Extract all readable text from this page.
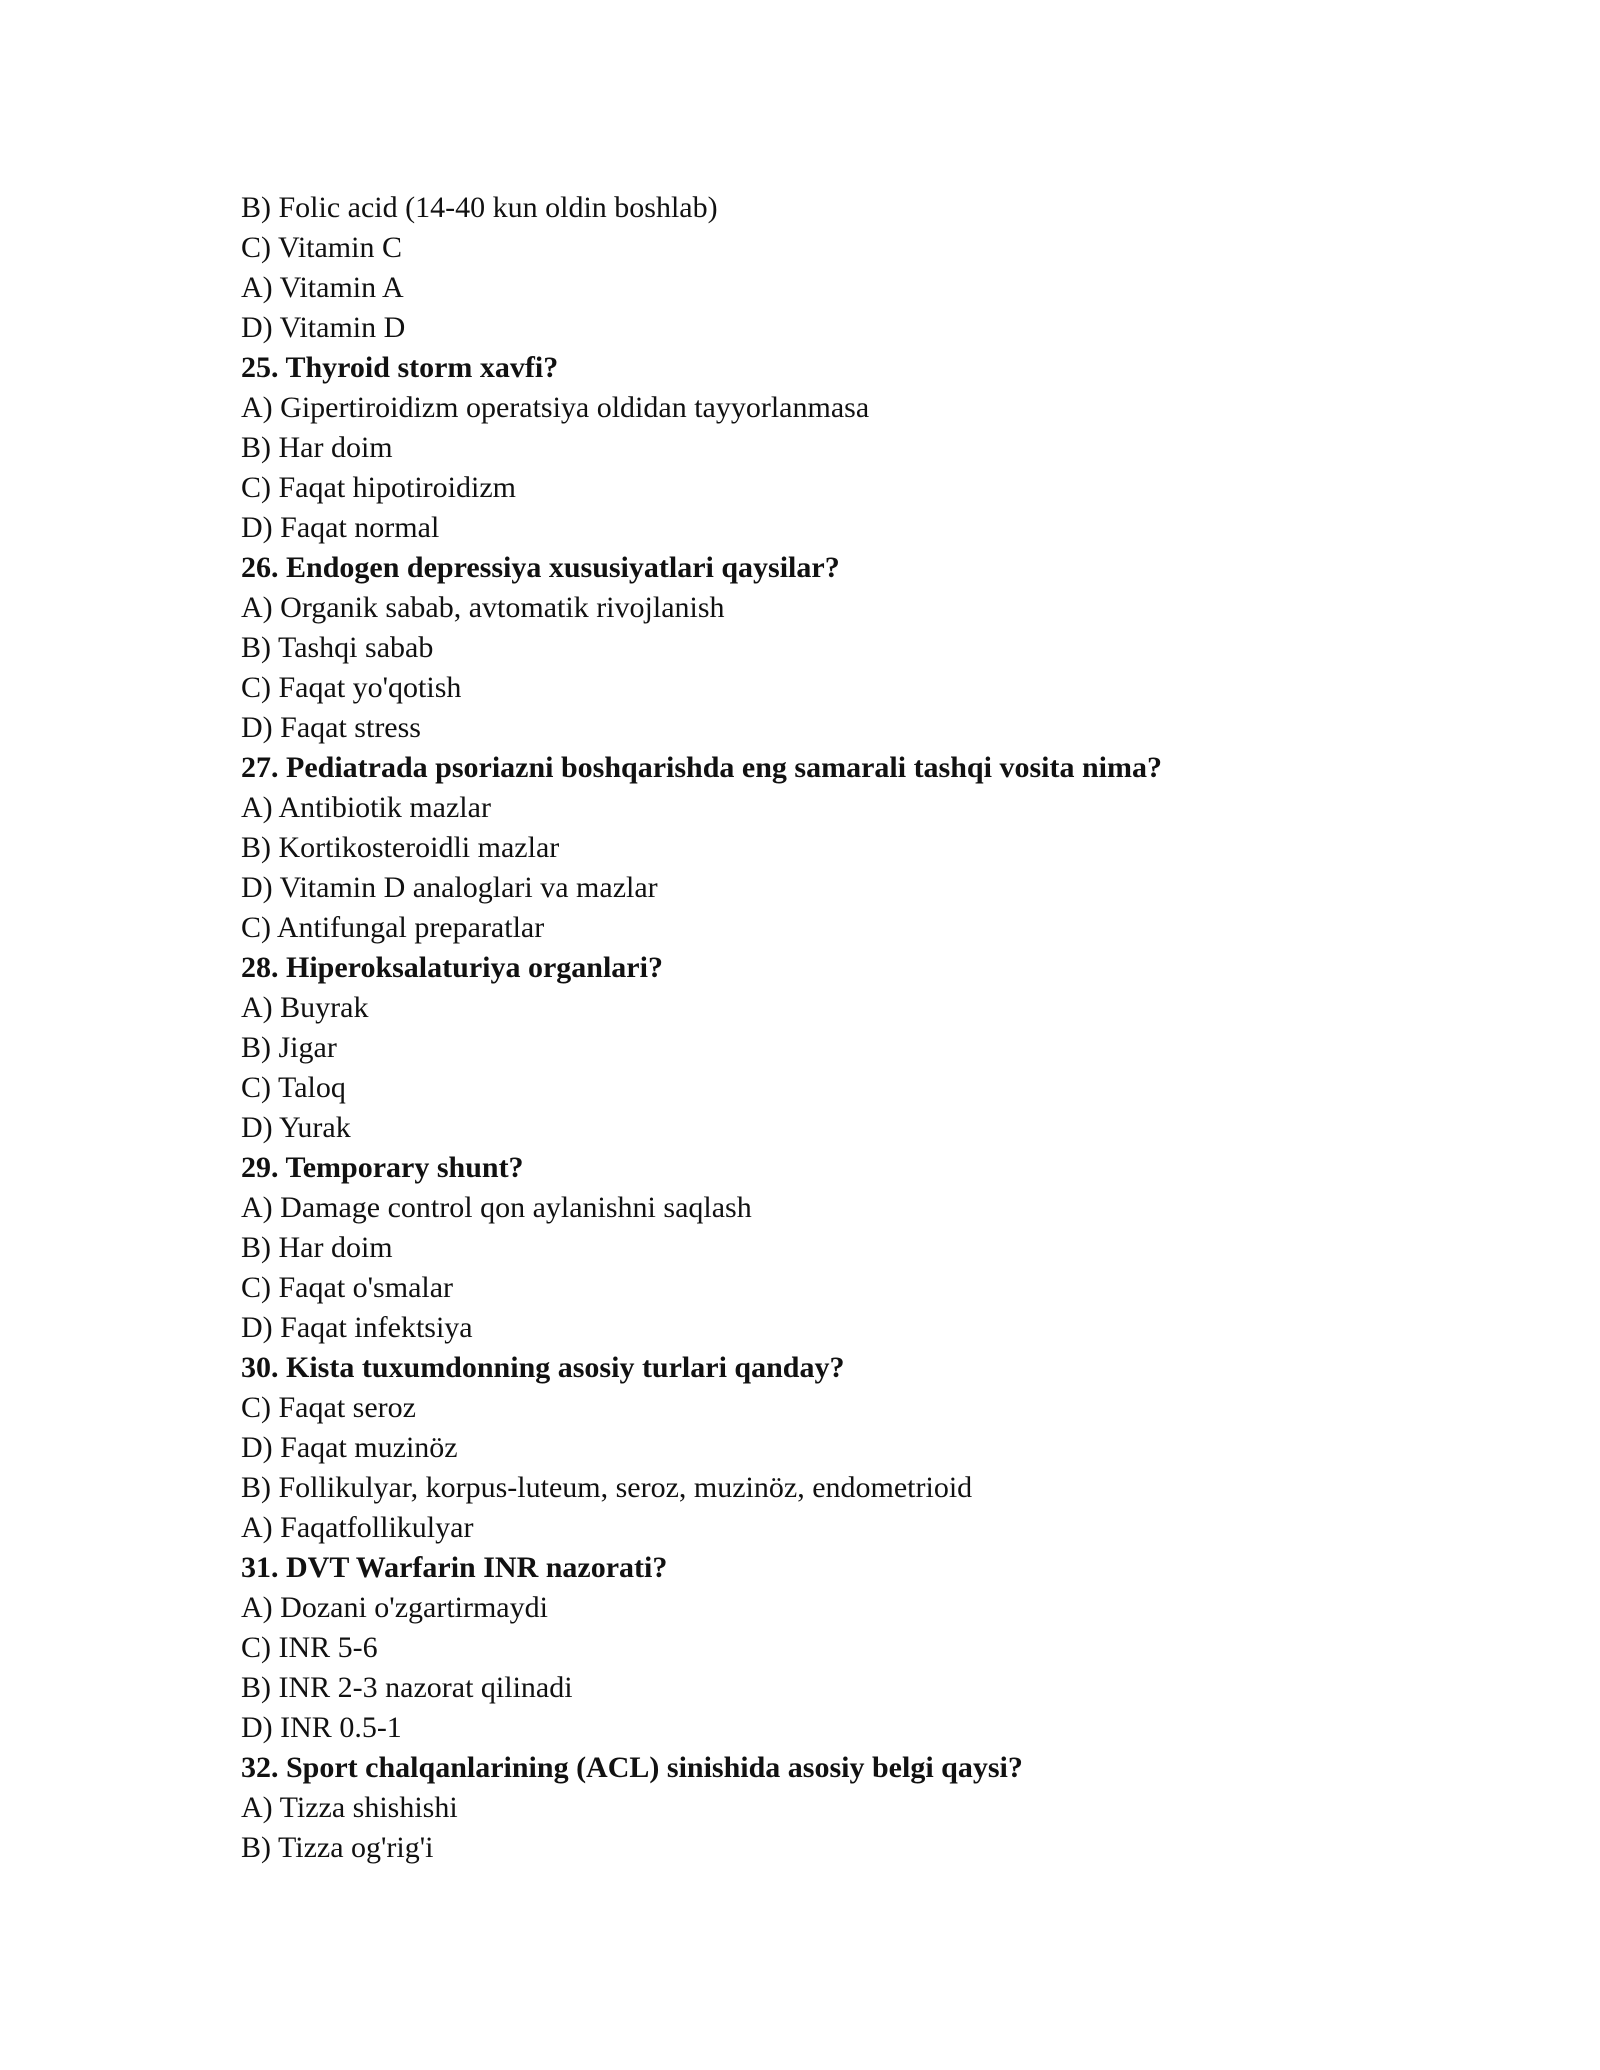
B) Folic acid (14-40 kun oldin boshlab)
C) Vitamin C
A) Vitamin A
D) Vitamin D
25. Thyroid storm xavfi?
A) Gipertiroidizm operatsiya oldidan tayyorlanmasa
B) Har doim
C) Faqat hipotiroidizm
D) Faqat normal
26. Endogen depressiya xususiyatlari qaysilar?
A) Organik sabab, avtomatik rivojlanish
B) Tashqi sabab
C) Faqat yo'qotish
D) Faqat stress
27. Pediatrada psoriazni boshqarishda eng samarali tashqi vosita nima?
A) Antibiotik mazlar
B) Kortikosteroidli mazlar
D) Vitamin D analoglari va mazlar
C) Antifungal preparatlar
28. Hiperoksalaturiya organlari?
A) Buyrak
B) Jigar
C) Taloq
D) Yurak
29. Temporary shunt?
A) Damage control qon aylanishni saqlash
B) Har doim
C) Faqat o'smalar
D) Faqat infektsiya
30. Kista tuxumdonning asosiy turlari qanday?
C) Faqat seroz
D) Faqat muzinöz
B) Follikulyar, korpus-luteum, seroz, muzinöz, endometrioid
A) Faqatfollikulyar
31. DVT Warfarin INR nazorati?
A) Dozani o'zgartirmaydi
C) INR 5-6
B) INR 2-3 nazorat qilinadi
D) INR 0.5-1
32. Sport chalqanlarining (ACL) sinishida asosiy belgi qaysi?
A) Tizza shishishi
B) Tizza og'rig'i
